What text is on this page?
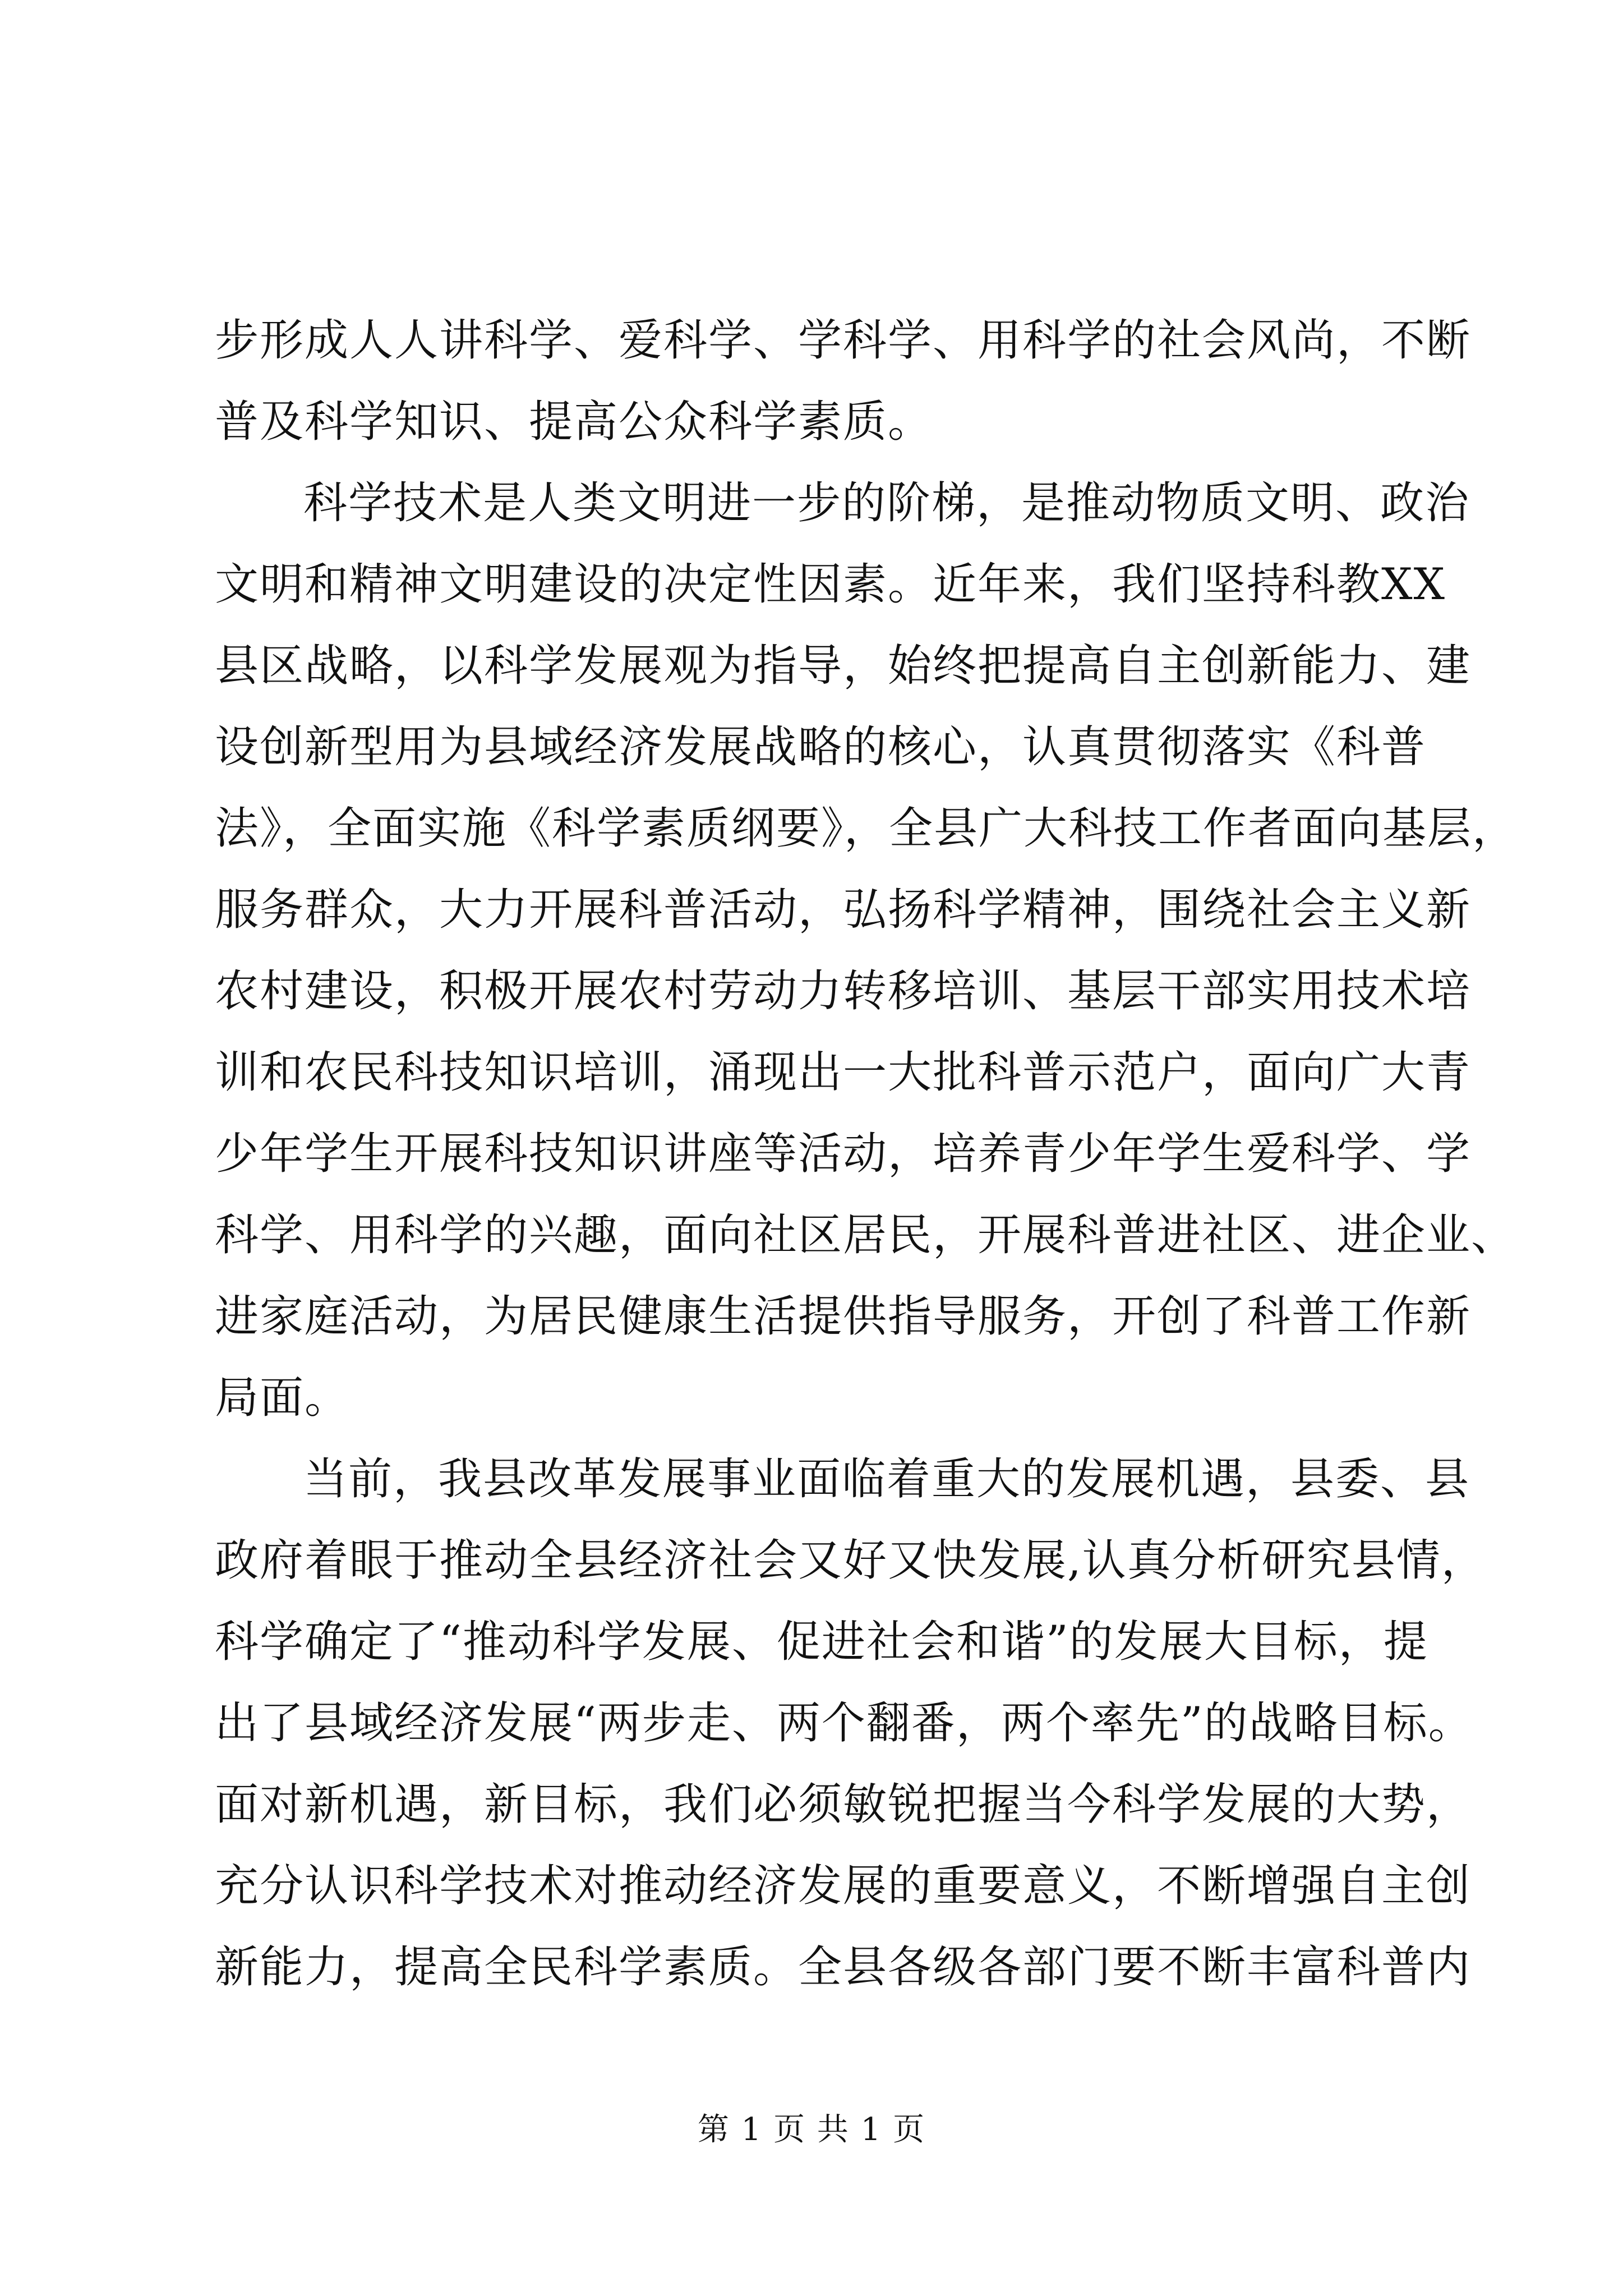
步形成人人讲科学、爱科学、学科学、用科学的社会风尚，不断
普及科学知识、提高公众科学素质。
科学技术是人类文明进一步的阶梯，是推动物质文明、政治
文明和精神文明建设的决定性因素。近年来，我们坚持科教XX
县区战略，以科学发展观为指导，始终把提高自主创新能力、建
设创新型用为县域经济发展战略的核心，认真贯彻落实《科普
法》，全面实施《科学素质纲要》，全县广大科技工作者面向基层，
服务群众，大力开展科普活动，弘扬科学精神，围绕社会主义新
农村建设，积极开展农村劳动力转移培训、基层干部实用技术培
训和农民科技知识培训，涌现出一大批科普示范户，面向广大青
少年学生开展科技知识讲座等活动，培养青少年学生爱科学、学
科学、用科学的兴趣，面向社区居民，开展科普进社区、进企业、
进家庭活动，为居民健康生活提供指导服务，开创了科普工作新
局面。
当前，我县改革发展事业面临着重大的发展机遇，县委、县
政府着眼于推动全县经济社会又好又快发展,认真分析研究县情，
科学确定了“推动科学发展、促进社会和谐”的发展大目标，提
出了县域经济发展“两步走、两个翻番，两个率先”的战略目标。
面对新机遇，新目标，我们必须敏锐把握当今科学发展的大势，
充分认识科学技术对推动经济发展的重要意义，不断增强自主创
新能力，提高全民科学素质。全县各级各部门要不断丰富科普内
第 1 页 共 1 页
